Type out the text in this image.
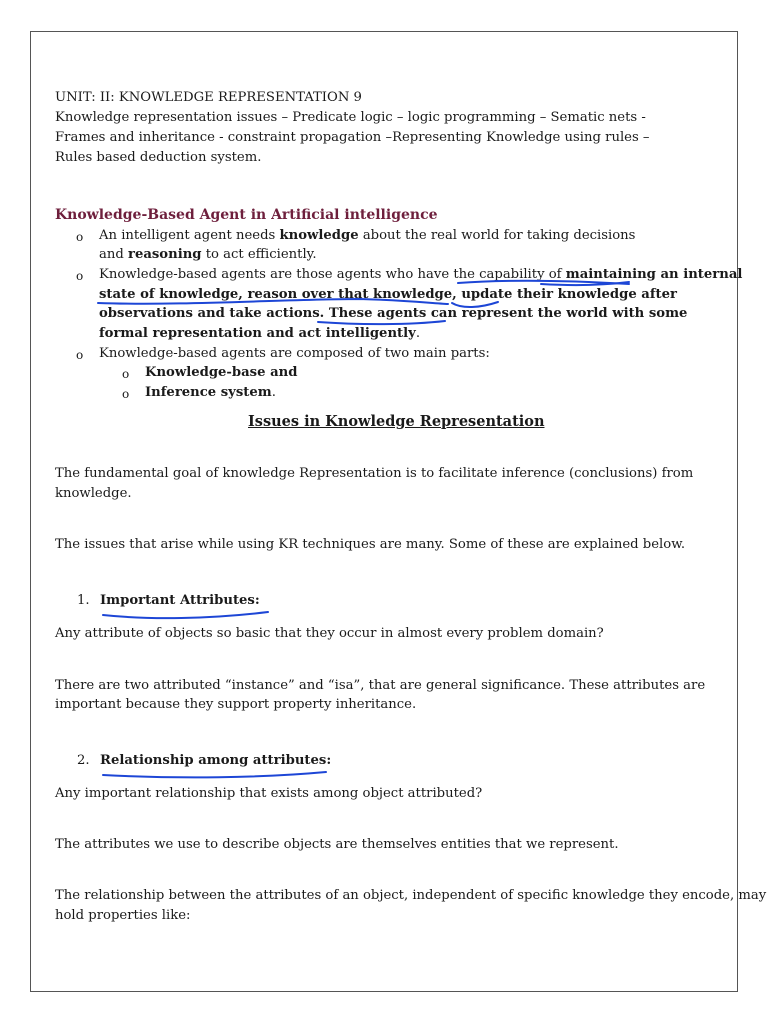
UNIT: II: KNOWLEDGE REPRESENTATION 9
Knowledge representation issues – Predicate logic – logic programming – Sematic nets -
Frames and inheritance - constraint propagation –Representing Knowledge using rules –
Rules based deduction system.
Knowledge-Based Agent in Artificial intelligence
o An intelligent agent needs knowledge about the real world for taking decisions
and reasoning to act efficiently.
o Knowledge-based agents are those agents who have the capability of maintaining an internal
state of knowledge, reason over that knowledge, update their knowledge after
observations and take actions. These agents can represent the world with some
formal representation and act intelligently.
o Knowledge-based agents are composed of two main parts:
o Knowledge-base and
o Inference system.
Issues in Knowledge Representation
The fundamental goal of knowledge Representation is to facilitate inference (conclusions) from
knowledge.
The issues that arise while using KR techniques are many. Some of these are explained below.
1. Important Attributes:
Any attribute of objects so basic that they occur in almost every problem domain?
There are two attributed “instance” and “isa”, that are general significance. These attributes are
important because they support property inheritance.
2. Relationship among attributes:
Any important relationship that exists among object attributed?
The attributes we use to describe objects are themselves entities that we represent.
The relationship between the attributes of an object, independent of specific knowledge they encode, may
hold properties like:
